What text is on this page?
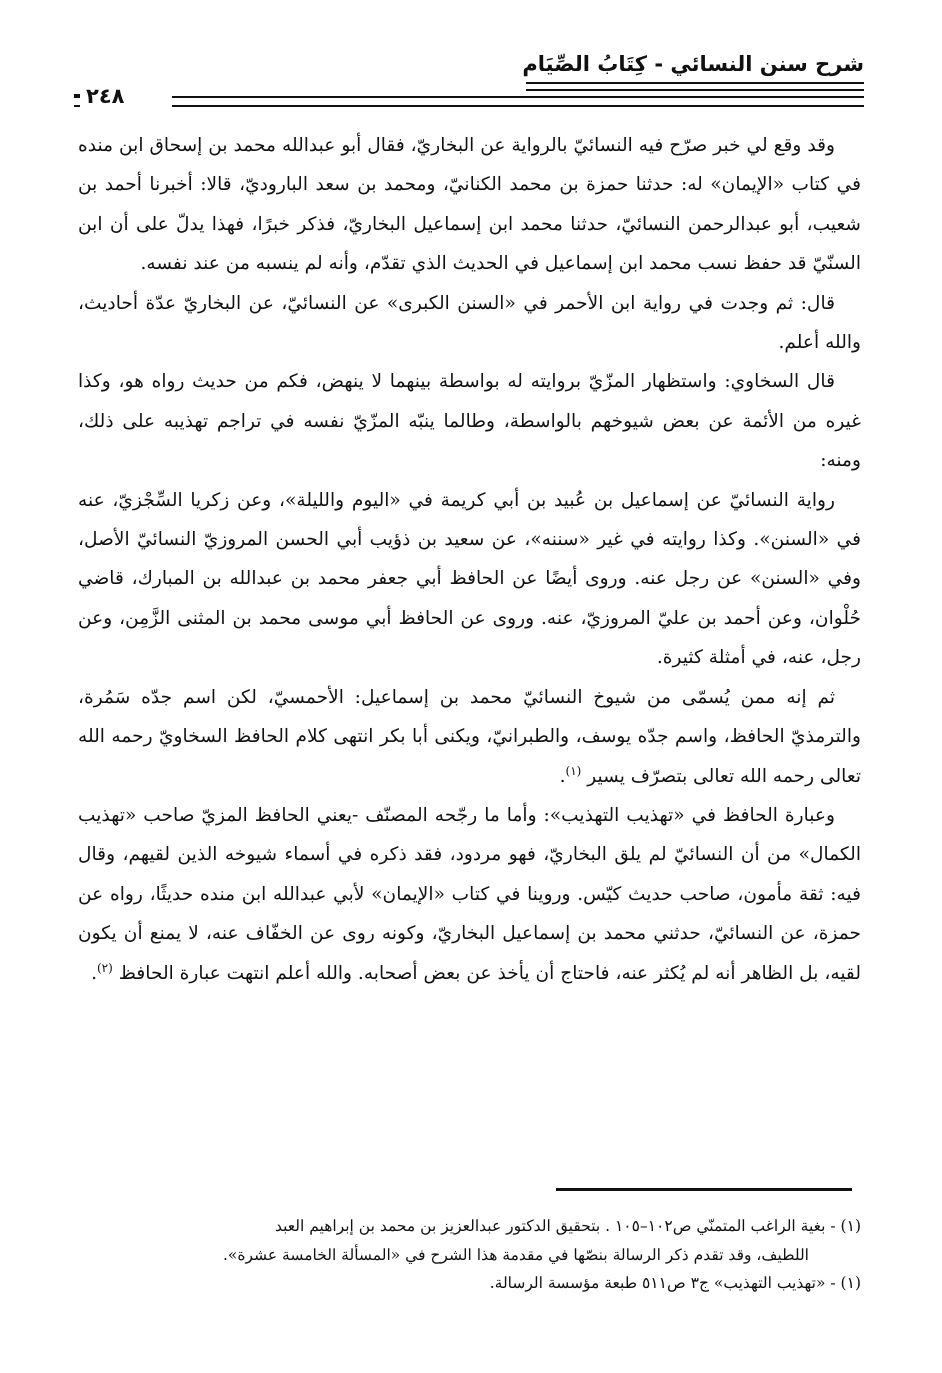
شرح سنن النسائي - كِتَابُ الصِّيَام
٢٤٨

وقد وقع لي خبر صرّح فيه النسائيّ بالرواية عن البخاريّ، فقال أبو عبدالله محمد بن إسحاق ابن منده في كتاب «الإيمان» له: حدثنا حمزة بن محمد الكنانيّ، ومحمد بن سعد الباروديّ، قالا: أخبرنا أحمد بن شعيب، أبو عبدالرحمن النسائيّ، حدثنا محمد ابن إسماعيل البخاريّ، فذكر خبرًا، فهذا يدلّ على أن ابن السنّيّ قد حفظ نسب محمد ابن إسماعيل في الحديث الذي تقدّم، وأنه لم ينسبه من عند نفسه.

قال: ثم وجدت في رواية ابن الأحمر في «السنن الكبرى» عن النسائيّ، عن البخاريّ عدّة أحاديث، والله أعلم.

قال السخاوي: واستظهار المزّيّ بروايته له بواسطة بينهما لا ينهض، فكم من حديث رواه هو، وكذا غيره من الأئمة عن بعض شيوخهم بالواسطة، وطالما ينبّه المزّيّ نفسه في تراجم تهذيبه على ذلك، ومنه:

رواية النسائيّ عن إسماعيل بن عُبيد بن أبي كريمة في «اليوم والليلة»، وعن زكريا السِّجْزيّ، عنه في «السنن». وكذا روايته في غير «سننه»، عن سعيد بن ذؤيب أبي الحسن المروزيّ النسائيّ الأصل، وفي «السنن» عن رجل عنه. وروى أيضًا عن الحافظ أبي جعفر محمد بن عبدالله بن المبارك، قاضي حُلْوان، وعن أحمد بن عليّ المروزيّ، عنه. وروى عن الحافظ أبي موسى محمد بن المثنى الزَّمِن، وعن رجل، عنه، في أمثلة كثيرة.

ثم إنه ممن يُسمّى من شيوخ النسائيّ محمد بن إسماعيل: الأحمسيّ، لكن اسم جدّه سَمُرة، والترمذيّ الحافظ، واسم جدّه يوسف، والطبرانيّ، ويكنى أبا بكر انتهى كلام الحافظ السخاويّ رحمه الله تعالى رحمه الله تعالى بتصرّف يسير $^{(١)}$.

وعبارة الحافظ في «تهذيب التهذيب»: وأما ما رجّحه المصنّف -يعني الحافظ المزيّ صاحب «تهذيب الكمال» من أن النسائيّ لم يلق البخاريّ، فهو مردود، فقد ذكره في أسماء شيوخه الذين لقيهم، وقال فيه: ثقة مأمون، صاحب حديث كيّس. وروينا في كتاب «الإيمان» لأبي عبدالله ابن منده حديثًا، رواه عن حمزة، عن النسائيّ، حدثني محمد بن إسماعيل البخاريّ، وكونه روى عن الخفّاف عنه، لا يمنع أن يكون لقيه، بل الظاهر أنه لم يُكثر عنه، فاحتاج أن يأخذ عن بعض أصحابه. والله أعلم انتهت عبارة الحافظ $^{(٢)}$.

(١) - بغية الراغب المتمنّي ص١٠٢–١٠٥ . بتحقيق الدكتور عبدالعزيز بن محمد بن إبراهيم العبد

اللطيف، وقد تقدم ذكر الرسالة بنصّها في مقدمة هذا الشرح في «المسألة الخامسة عشرة».

(١) - «تهذيب التهذيب» ج٣ ص٥١١ طبعة مؤسسة الرسالة.
